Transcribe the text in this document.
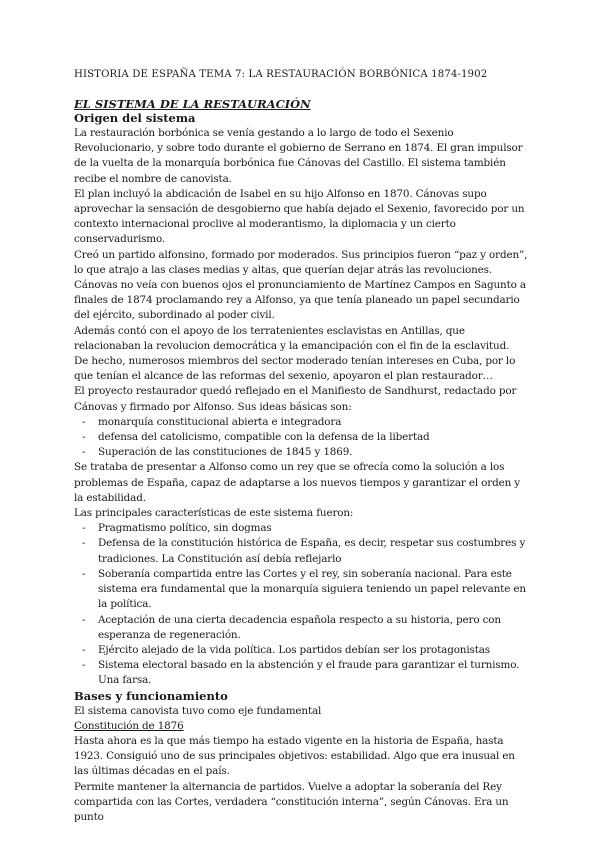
HISTORIA DE ESPAÑA TEMA 7: LA RESTAURACIÓN BORBÓNICA 1874-1902
EL SISTEMA DE LA RESTAURACIÓN
Origen del sistema

La restauración borbónica se venía gestando a lo largo de todo el Sexenio Revolucionario, y sobre todo durante el gobierno de Serrano en 1874. El gran impulsor de la vuelta de la monarquía borbónica fue Cánovas del Castillo. El sistema también recibe el nombre de canovista.

El plan incluyó la abdicación de Isabel en su hijo Alfonso en 1870. Cánovas supo aprovechar la sensación de desgobierno que había dejado el Sexenio, favorecido por un contexto internacional proclive al moderantismo, la diplomacia y un cierto conservadurismo.

Creó un partido alfonsino, formado por moderados. Sus principios fueron “paz y orden”, lo que atrajo a las clases medias y altas, que querían dejar atrás las revoluciones.

Cánovas no veía con buenos ojos el pronunciamiento de Martínez Campos en Sagunto a finales de 1874 proclamando rey a Alfonso, ya que tenía planeado un papel secundario del ejército, subordinado al poder civil.

Además contó con el apoyo de los terratenientes esclavistas en Antillas, que relacionaban la revolucion democrática y la emancipación con el fin de la esclavitud.

De hecho, numerosos miembros del sector moderado tenían intereses en Cuba, por lo que tenían el alcance de las reformas del sexenio, apoyaron el plan restaurador…

El proyecto restaurador quedó reflejado en el Manifiesto de Sandhurst, redactado por Cánovas y firmado por Alfonso. Sus ideas básicas son:

- monarquía constitucional abierta e integradora
- defensa del catolicismo, compatible con la defensa de la libertad
- Superación de las constituciones de 1845 y 1869.

Se trataba de presentar a Alfonso como un rey que se ofrecía como la solución a los problemas de España, capaz de adaptarse a los nuevos tiempos y garantizar el orden y la estabilidad.

Las principales características de este sistema fueron:

- Pragmatismo político, sin dogmas
- Defensa de la constitución histórica de España, es decir, respetar sus costumbres y tradiciones. La Constitución así debía reflejarlo
- Soberanía compartida entre las Cortes y el rey, sin soberanía nacional. Para este sistema era fundamental que la monarquía siguiera teniendo un papel relevante en la política.
- Aceptación de una cierta decadencia española respecto a su historia, pero con esperanza de regeneración.
- Ejército alejado de la vida política. Los partidos debían ser los protagonistas
- Sistema electoral basado en la abstención y el fraude para garantizar el turnismo. Una farsa.
Bases y funcionamiento

El sistema canovista tuvo como eje fundamental

Constitución de 1876

Hasta ahora es la que más tiempo ha estado vigente en la historia de España, hasta 1923. Consiguió uno de sus principales objetivos: estabilidad. Algo que era inusual en las últimas décadas en el país.

Permite mantener la alternancia de partidos. Vuelve a adoptar la soberanía del Rey compartida con las Cortes, verdadera “constitución interna”, según Cánovas. Era un punto
